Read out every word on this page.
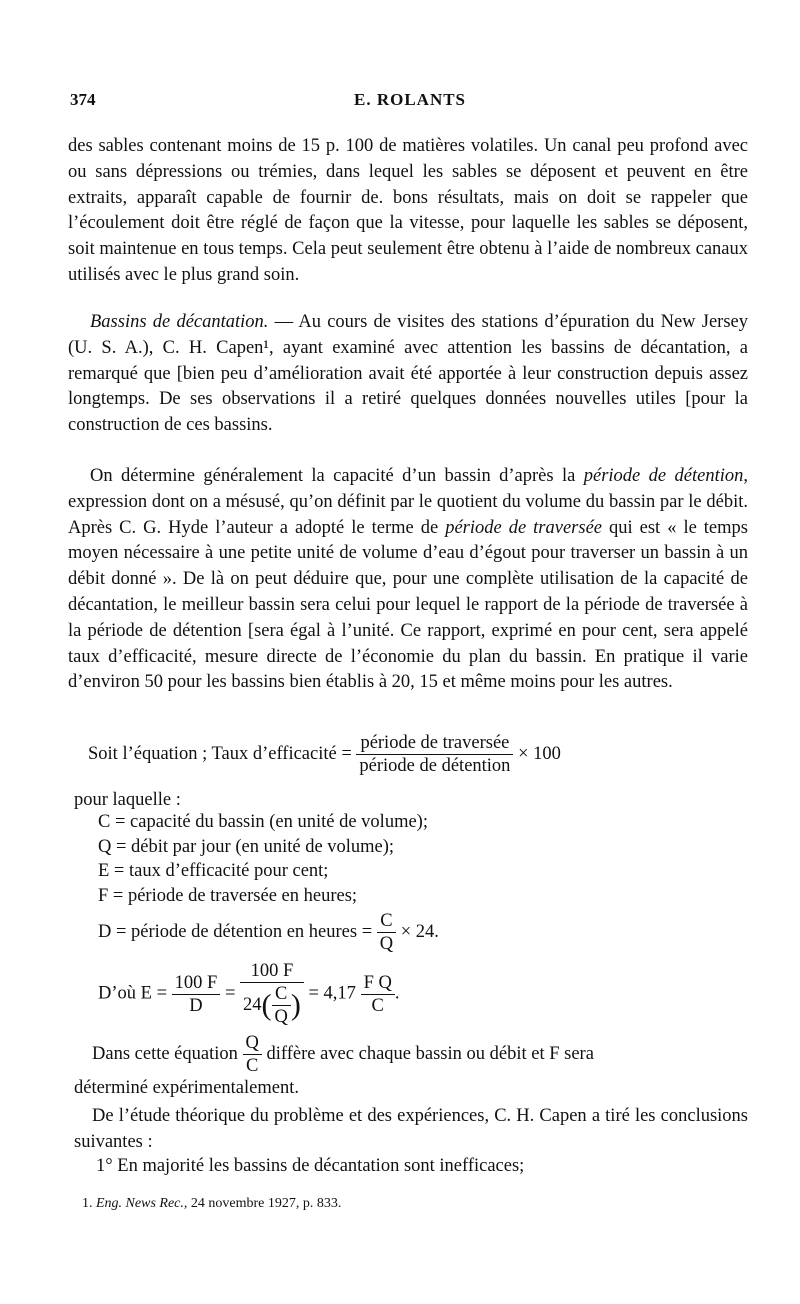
374	E. ROLANTS
des sables contenant moins de 15 p. 100 de matières volatiles. Un canal peu profond avec ou sans dépressions ou trémies, dans lequel les sables se déposent et peuvent en être extraits, apparaît capable de fournir de. bons résultats, mais on doit se rappeler que l’écoulement doit être réglé de façon que la vitesse, pour laquelle les sables se déposent, soit maintenue en tous temps. Cela peut seulement être obtenu à l’aide de nombreux canaux utilisés avec le plus grand soin.
Bassins de décantation. — Au cours de visites des stations d’épuration du New Jersey (U. S. A.), C. H. Capen¹, ayant examiné avec attention les bassins de décantation, a remarqué que [bien peu d’amélioration avait été apportée à leur construction depuis assez longtemps. De ses observations il a retiré quelques données nouvelles utiles [pour la construction de ces bassins.
On détermine généralement la capacité d’un bassin d’après la période de détention, expression dont on a mésusé, qu’on définit par le quotient du volume du bassin par le débit. Après C. G. Hyde l’auteur a adopté le terme de période de traversée qui est « le temps moyen nécessaire à une petite unité de volume d’eau d’égout pour traverser un bassin à un débit donné ». De là on peut déduire que, pour une complète utilisation de la capacité de décantation, le meilleur bassin sera celui pour lequel le rapport de la période de traversée à la période de détention [sera égal à l’unité. Ce rapport, exprimé en pour cent, sera appelé taux d’efficacité, mesure directe de l’économie du plan du bassin. En pratique il varie d’environ 50 pour les bassins bien établis à 20, 15 et même moins pour les autres.
Soit l’équation ; Taux d’efficacité = $\frac{\text{période de traversée}}{\text{période de détention}} \times 100$
pour laquelle :
C = capacité du bassin (en unité de volume);
Q = débit par jour (en unité de volume);
E = taux d’efficacité pour cent;
F = période de traversée en heures;
D = période de détention en heures = $\frac{C}{Q} \times 24$.
D’où $E = \frac{100 F}{D} = \frac{100 F}{24( \frac{C}{Q} )} = 4,17 \frac{\text{F Q}}{C}$ .
Dans cette équation $\frac{Q}{C}$ diffère avec chaque bassin ou débit et F sera
déterminé expérimentalement.
De l’étude théorique du problème et des expériences, C. H. Capen a tiré les conclusions suivantes :
1° En majorité les bassins de décantation sont inefficaces;
1. Eng. News Rec., 24 novembre 1927, p. 833.
